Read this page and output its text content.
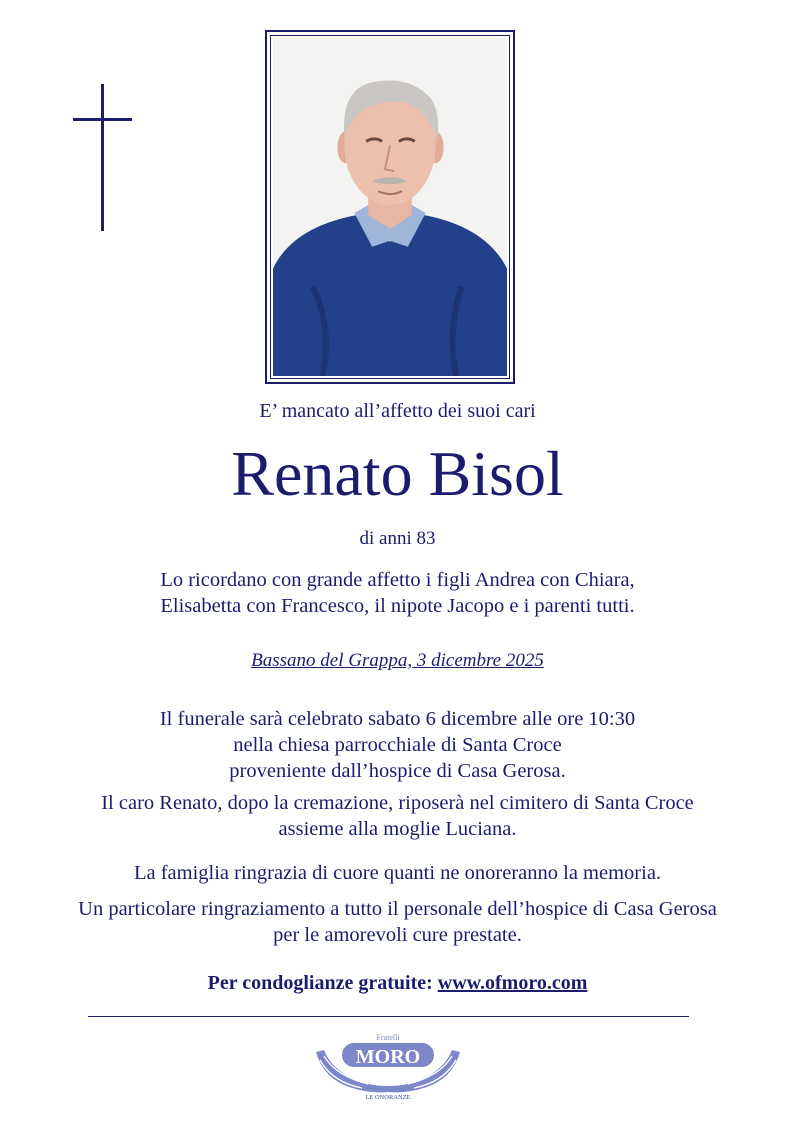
E’ mancato all’affetto dei suoi cari
Renato Bisol
di anni 83
Lo ricordano con grande affetto i figli Andrea con Chiara,
Elisabetta con Francesco, il nipote Jacopo e i parenti tutti.
Bassano del Grappa, 3 dicembre 2025
Il funerale sarà celebrato sabato 6 dicembre alle ore 10:30
nella chiesa parrocchiale di Santa Croce
proveniente dall’hospice di Casa Gerosa.
Il caro Renato, dopo la cremazione, riposerà nel cimitero di Santa Croce
assieme alla moglie Luciana.
La famiglia ringrazia di cuore quanti ne onoreranno la memoria.
Un particolare ringraziamento a tutto il personale dell’hospice di Casa Gerosa
per le amorevoli cure prestate.
Per condoglianze gratuite: www.ofmoro.com
Fratelli
MORO
LE ONORANZE
